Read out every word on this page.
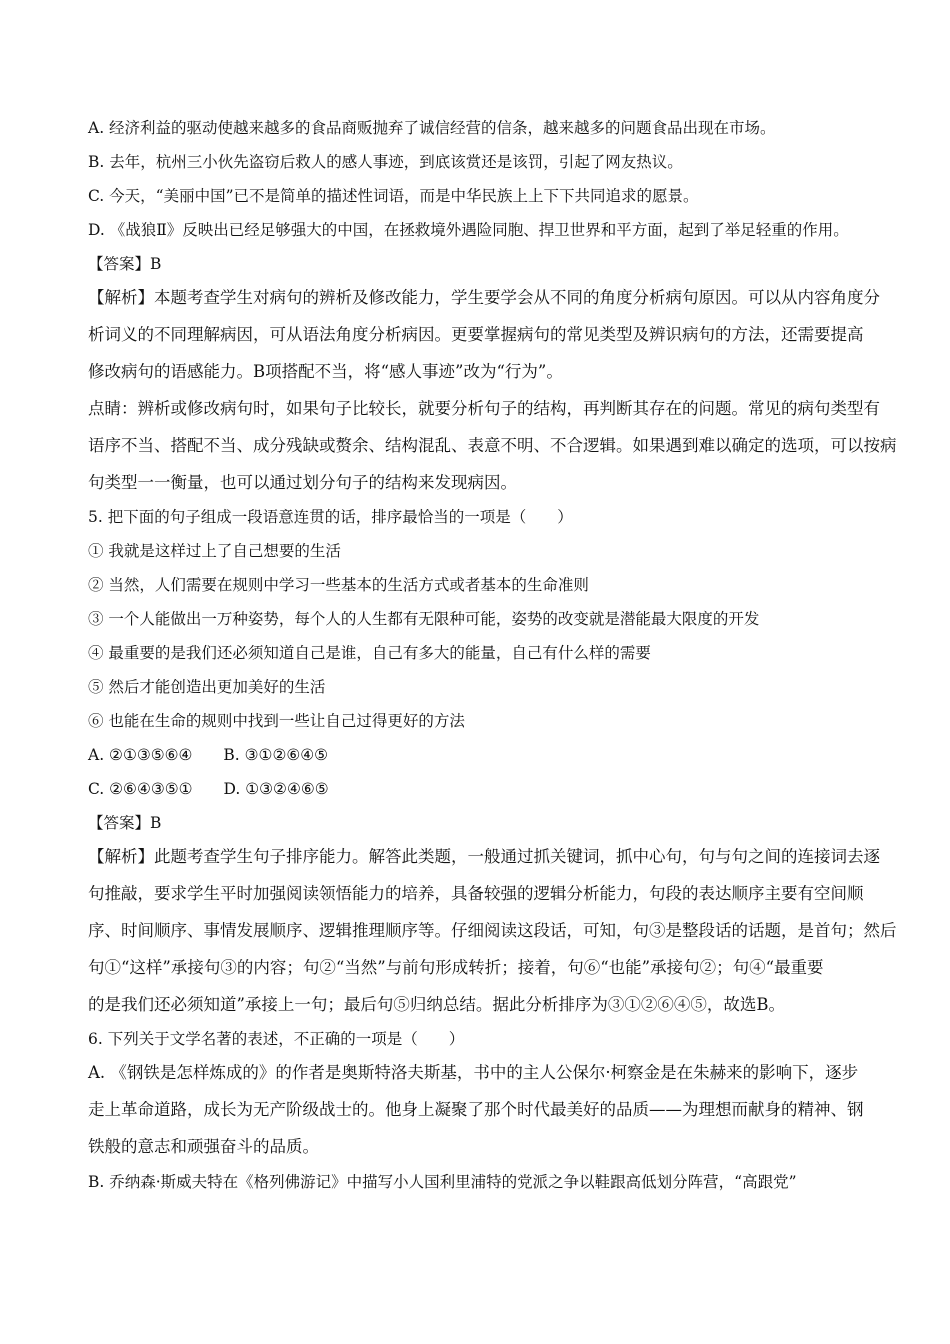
A. 经济利益的驱动使越来越多的食品商贩抛弃了诚信经营的信条，越来越多的问题食品出现在市场。
B. 去年，杭州三小伙先盗窃后救人的感人事迹，到底该赏还是该罚，引起了网友热议。
C. 今天，“美丽中国”已不是简单的描述性词语，而是中华民族上上下下共同追求的愿景。
D. 《战狼Ⅱ》反映出已经足够强大的中国，在拯救境外遇险同胞、捍卫世界和平方面，起到了举足轻重的作用。
【答案】B
【解析】本题考查学生对病句的辨析及修改能力，学生要学会从不同的角度分析病句原因。可以从内容角度分
析词义的不同理解病因，可从语法角度分析病因。更要掌握病句的常见类型及辨识病句的方法，还需要提高
修改病句的语感能力。B项搭配不当，将“感人事迹”改为“行为”。
点睛：辨析或修改病句时，如果句子比较长，就要分析句子的结构，再判断其存在的问题。常见的病句类型有
语序不当、搭配不当、成分残缺或赘余、结构混乱、表意不明、不合逻辑。如果遇到难以确定的选项，可以按病
句类型一一衡量，也可以通过划分句子的结构来发现病因。
5. 把下面的句子组成一段语意连贯的话，排序最恰当的一项是（　　）
① 我就是这样过上了自己想要的生活
② 当然，人们需要在规则中学习一些基本的生活方式或者基本的生命准则
③ 一个人能做出一万种姿势，每个人的人生都有无限种可能，姿势的改变就是潜能最大限度的开发
④ 最重要的是我们还必须知道自己是谁，自己有多大的能量，自己有什么样的需要
⑤ 然后才能创造出更加美好的生活
⑥ 也能在生命的规则中找到一些让自己过得更好的方法
A. ②①③⑤⑥④　　B. ③①②⑥④⑤
C. ②⑥④③⑤①　　D. ①③②④⑥⑤
【答案】B
【解析】此题考查学生句子排序能力。解答此类题，一般通过抓关键词，抓中心句，句与句之间的连接词去逐
句推敲，要求学生平时加强阅读领悟能力的培养，具备较强的逻辑分析能力，句段的表达顺序主要有空间顺
序、时间顺序、事情发展顺序、逻辑推理顺序等。仔细阅读这段话，可知，句③是整段话的话题，是首句；然后
句①“这样”承接句③的内容；句②“当然”与前句形成转折；接着，句⑥“也能”承接句②；句④“最重要
的是我们还必须知道”承接上一句；最后句⑤归纳总结。据此分析排序为③①②⑥④⑤，故选B。
6. 下列关于文学名著的表述，不正确的一项是（　　）
A. 《钢铁是怎样炼成的》的作者是奥斯特洛夫斯基，书中的主人公保尔·柯察金是在朱赫来的影响下，逐步
走上革命道路，成长为无产阶级战士的。他身上凝聚了那个时代最美好的品质——为理想而献身的精神、钢
铁般的意志和顽强奋斗的品质。
B. 乔纳森·斯威夫特在《格列佛游记》中描写小人国利里浦特的党派之争以鞋跟高低划分阵营，“高跟党”
